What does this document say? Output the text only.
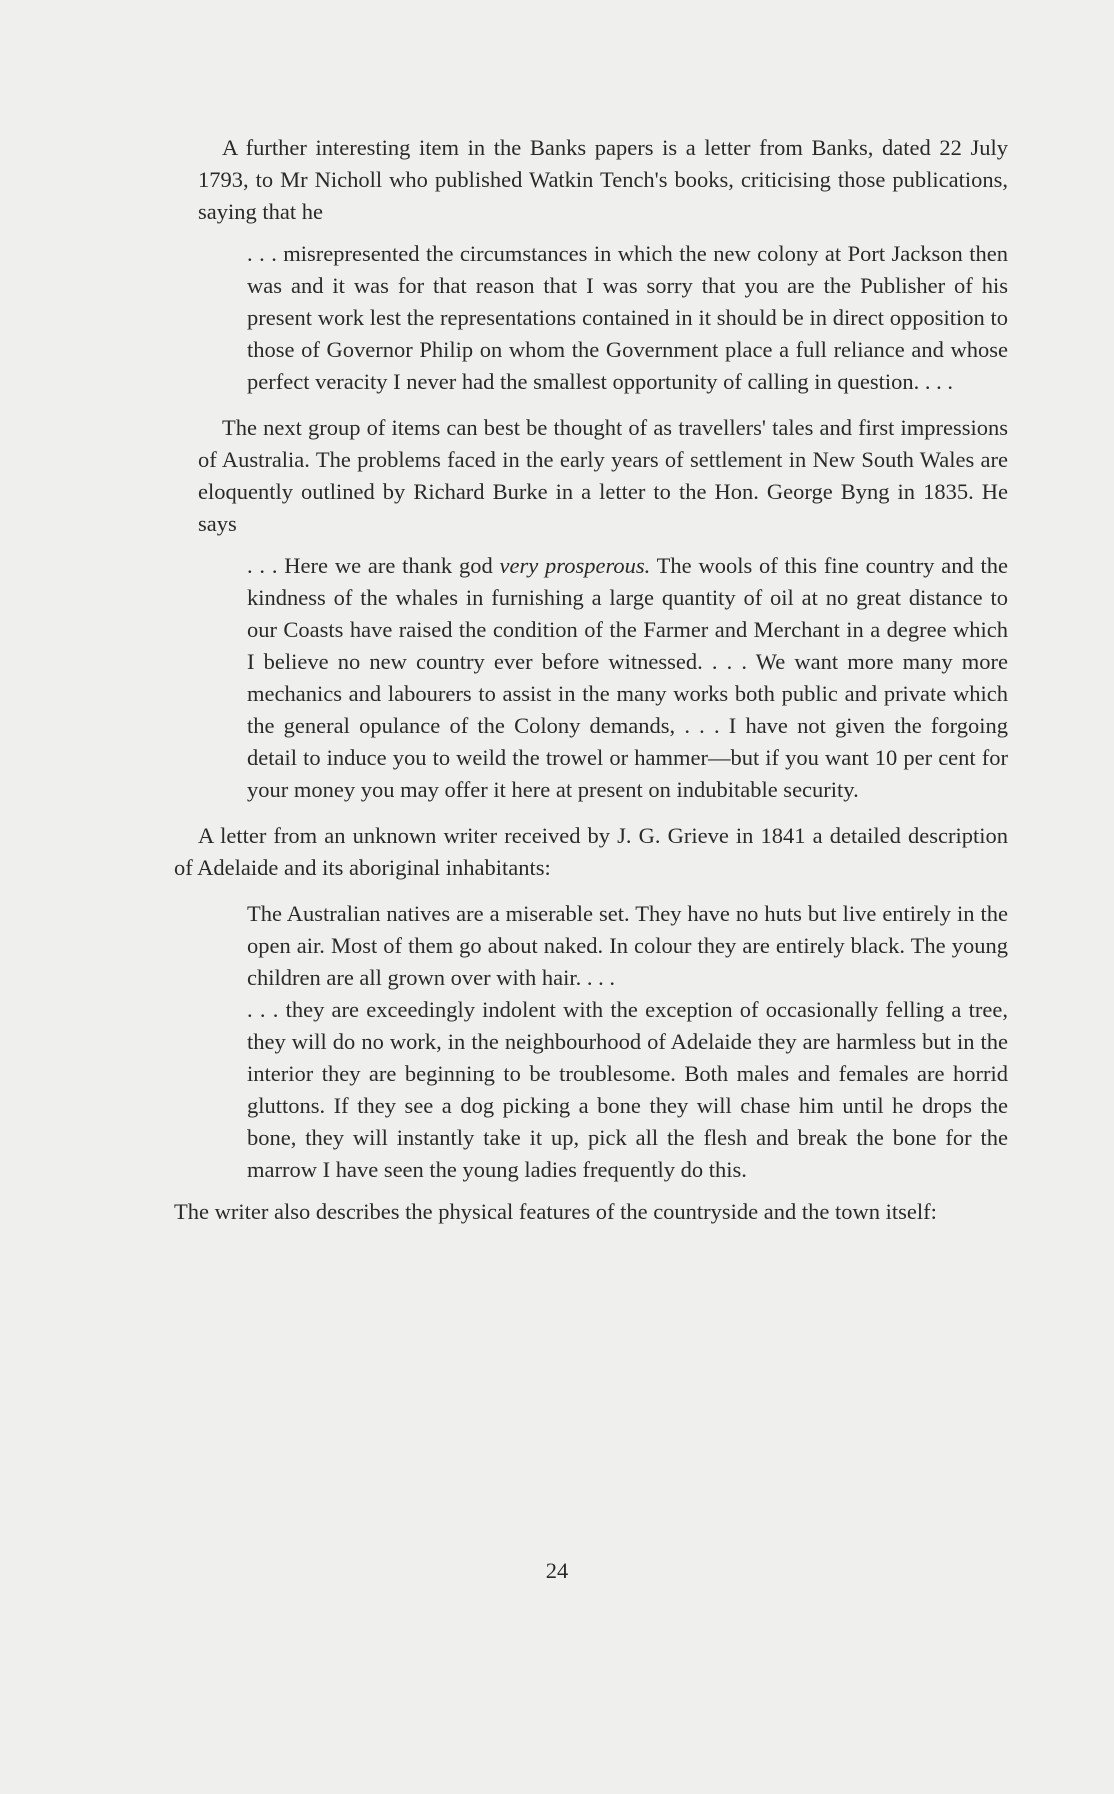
A further interesting item in the Banks papers is a letter from Banks, dated 22 July 1793, to Mr Nicholl who published Watkin Tench's books, criticising those publications, saying that he

. . . misrepresented the circumstances in which the new colony at Port Jackson then was and it was for that reason that I was sorry that you are the Publisher of his present work lest the representations contained in it should be in direct opposition to those of Governor Philip on whom the Government place a full reliance and whose perfect veracity I never had the smallest opportunity of calling in question. . . .

The next group of items can best be thought of as travellers' tales and first impressions of Australia. The problems faced in the early years of settlement in New South Wales are eloquently outlined by Richard Burke in a letter to the Hon. George Byng in 1835. He says

. . . Here we are thank god very prosperous. The wools of this fine country and the kindness of the whales in furnishing a large quantity of oil at no great distance to our Coasts have raised the condition of the Farmer and Merchant in a degree which I believe no new country ever before witnessed. . . . We want more many more mechanics and labourers to assist in the many works both public and private which the general opulance of the Colony demands, . . . I have not given the forgoing detail to induce you to weild the trowel or hammer—but if you want 10 per cent for your money you may offer it here at present on indubitable security.

A letter from an unknown writer received by J. G. Grieve in 1841 a detailed description of Adelaide and its aboriginal inhabitants:

The Australian natives are a miserable set. They have no huts but live entirely in the open air. Most of them go about naked. In colour they are entirely black. The young children are all grown over with hair. . . .

. . . they are exceedingly indolent with the exception of occasionally felling a tree, they will do no work, in the neighbourhood of Adelaide they are harmless but in the interior they are beginning to be troublesome. Both males and females are horrid gluttons. If they see a dog picking a bone they will chase him until he drops the bone, they will instantly take it up, pick all the flesh and break the bone for the marrow I have seen the young ladies frequently do this.

The writer also describes the physical features of the countryside and the town itself:

24
